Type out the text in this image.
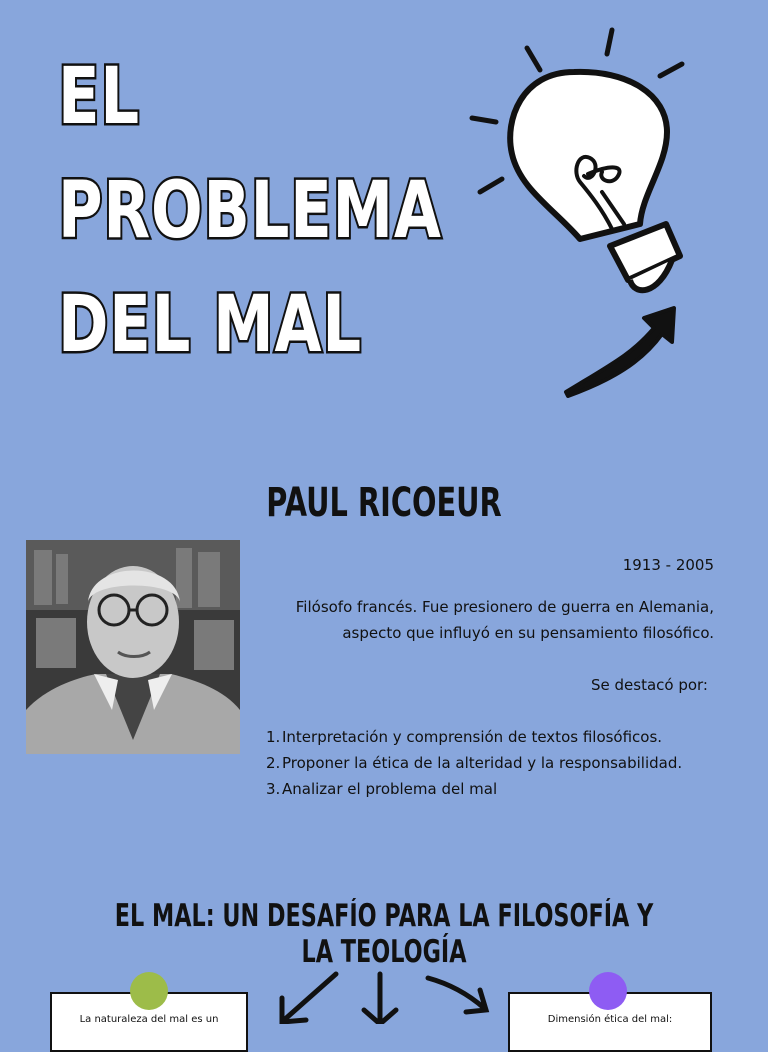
EL
PROBLEMA
DEL MAL
PAUL RICOEUR

1913 - 2005

Filósofo francés. Fue presionero de guerra en Alemania, aspecto que influyó en su pensamiento filosófico.

Se destacó por:

1. Interpretación y comprensión de textos filosóficos.
2. Proponer la ética de la alteridad y la responsabilidad.
3. Analizar el problema del mal
EL MAL: UN DESAFÍO PARA LA FILOSOFÍA Y LA TEOLOGÍA
La naturaleza del mal es un	Dimensión ética del mal:
